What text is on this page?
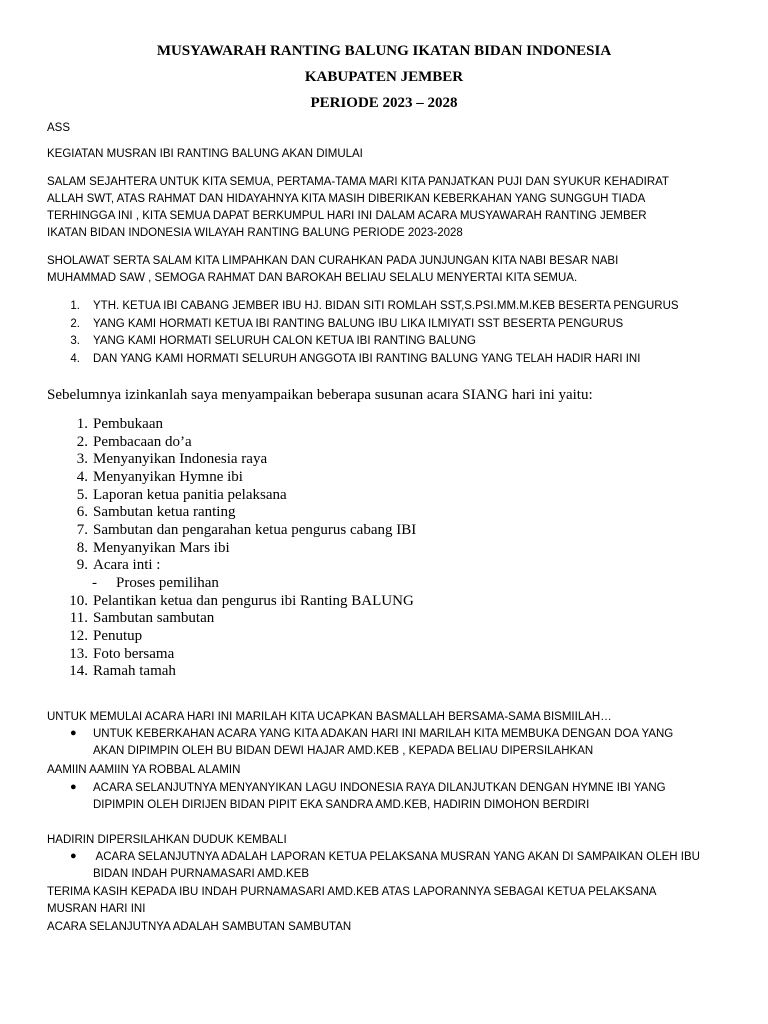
MUSYAWARAH RANTING BALUNG IKATAN BIDAN INDONESIA
KABUPATEN JEMBER
PERIODE 2023 – 2028
ASS
KEGIATAN MUSRAN IBI RANTING BALUNG AKAN DIMULAI
SALAM SEJAHTERA UNTUK KITA SEMUA, PERTAMA-TAMA MARI KITA PANJATKAN PUJI DAN SYUKUR KEHADIRAT
ALLAH SWT, ATAS RAHMAT DAN HIDAYAHNYA KITA MASIH DIBERIKAN KEBERKAHAN YANG SUNGGUH TIADA
TERHINGGA INI , KITA SEMUA DAPAT BERKUMPUL HARI INI DALAM ACARA MUSYAWARAH RANTING JEMBER
IKATAN BIDAN INDONESIA WILAYAH RANTING BALUNG PERIODE 2023-2028
SHOLAWAT SERTA SALAM KITA LIMPAHKAN DAN CURAHKAN PADA JUNJUNGAN KITA NABI BESAR NABI
MUHAMMAD SAW , SEMOGA RAHMAT DAN BAROKAH BELIAU SELALU MENYERTAI KITA SEMUA.
1. YTH. KETUA IBI CABANG JEMBER IBU HJ. BIDAN SITI ROMLAH SST,S.PSI.MM.M.KEB BESERTA PENGURUS
2. YANG KAMI HORMATI KETUA IBI RANTING BALUNG IBU LIKA ILMIYATI SST BESERTA PENGURUS
3. YANG KAMI HORMATI SELURUH CALON KETUA IBI RANTING BALUNG
4. DAN YANG KAMI HORMATI SELURUH ANGGOTA IBI RANTING BALUNG YANG TELAH HADIR HARI INI
Sebelumnya izinkanlah saya menyampaikan beberapa susunan acara SIANG hari ini yaitu:
1. Pembukaan
2. Pembacaan do’a
3. Menyanyikan Indonesia raya
4. Menyanyikan Hymne ibi
5. Laporan ketua panitia pelaksana
6. Sambutan ketua ranting
7. Sambutan dan pengarahan ketua pengurus cabang IBI
8. Menyanyikan Mars ibi
9. Acara inti :
- Proses pemilihan
10. Pelantikan ketua dan pengurus ibi Ranting BALUNG
11. Sambutan sambutan
12. Penutup
13. Foto bersama
14. Ramah tamah
UNTUK MEMULAI ACARA HARI INI MARILAH KITA UCAPKAN BASMALLAH BERSAMA-SAMA BISMIILAH…
● UNTUK KEBERKAHAN ACARA YANG KITA ADAKAN HARI INI MARILAH KITA MEMBUKA DENGAN DOA YANG
AKAN DIPIMPIN OLEH BU BIDAN DEWI HAJAR AMD.KEB , KEPADA BELIAU DIPERSILAHKAN
AAMIIN AAMIIN YA ROBBAL ALAMIN
● ACARA SELANJUTNYA MENYANYIKAN LAGU INDONESIA RAYA DILANJUTKAN DENGAN HYMNE IBI YANG
DIPIMPIN OLEH DIRIJEN BIDAN PIPIT EKA SANDRA AMD.KEB, HADIRIN DIMOHON BERDIRI
HADIRIN DIPERSILAHKAN DUDUK KEMBALI
● ACARA SELANJUTNYA ADALAH LAPORAN KETUA PELAKSANA MUSRAN YANG AKAN DI SAMPAIKAN OLEH IBU
BIDAN INDAH PURNAMASARI AMD.KEB
TERIMA KASIH KEPADA IBU INDAH PURNAMASARI AMD.KEB ATAS LAPORANNYA SEBAGAI KETUA PELAKSANA
MUSRAN HARI INI
ACARA SELANJUTNYA ADALAH SAMBUTAN SAMBUTAN
